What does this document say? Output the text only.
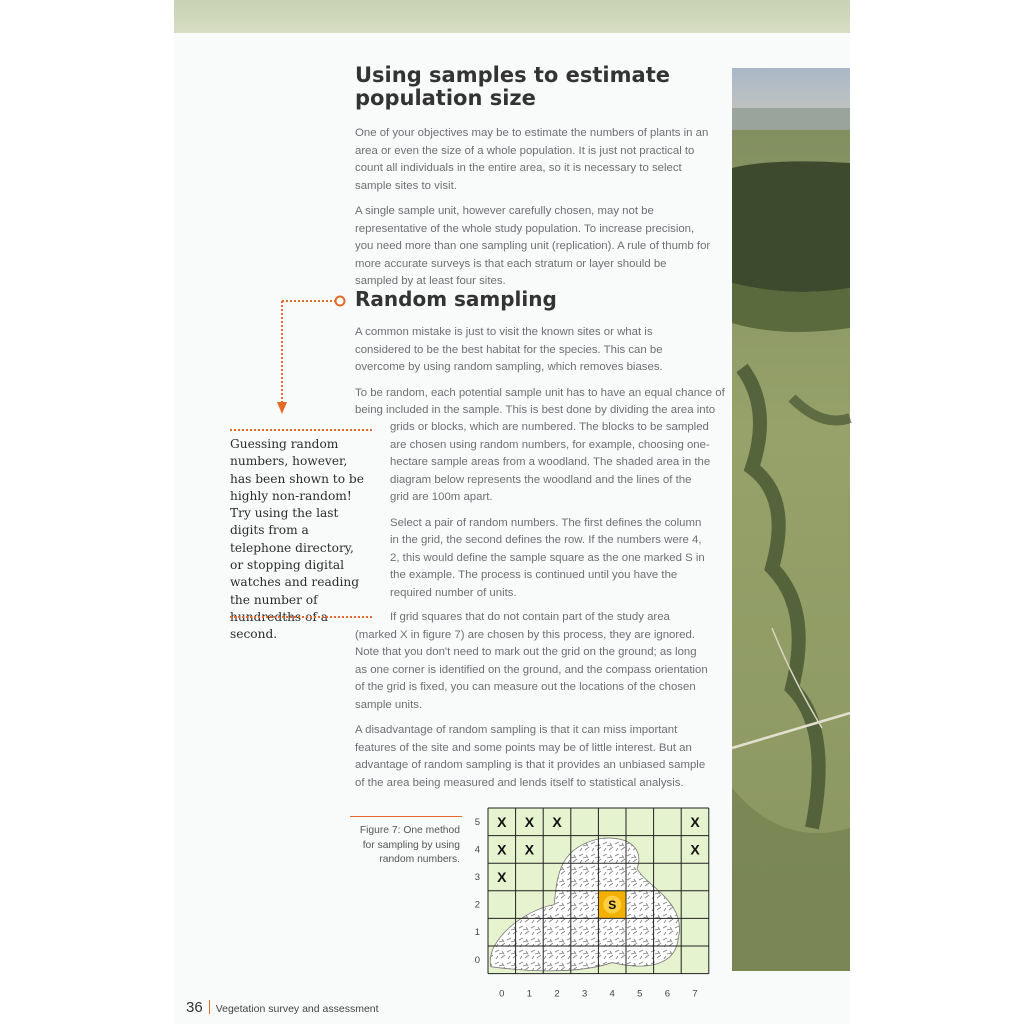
Using samples to estimate population size

One of your objectives may be to estimate the numbers of plants in an area or even the size of a whole population. It is just not practical to count all individuals in the entire area, so it is necessary to select sample sites to visit.

A single sample unit, however carefully chosen, may not be representative of the whole study population. To increase precision, you need more than one sampling unit (replication). A rule of thumb for more accurate surveys is that each stratum or layer should be sampled by at least four sites.

Random sampling

A common mistake is just to visit the known sites or what is considered to be the best habitat for the species. This can be overcome by using random sampling, which removes biases.

To be random, each potential sample unit has to have an equal chance of

being included in the sample. This is best done by dividing the area into

Guessing random numbers, however, has been shown to be highly non-random! Try using the last digits from a telephone directory, or stopping digital watches and reading the number of hundredths of a second.

grids or blocks, which are numbered. The blocks to be sampled are chosen using random numbers, for example, choosing one-hectare sample areas from a woodland. The shaded area in the diagram below represents the woodland and the lines of the grid are 100m apart.

Select a pair of random numbers. The first defines the column in the grid, the second defines the row. If the numbers were 4, 2, this would define the sample square as the one marked S in the example. The process is continued until you have the required number of units.

If grid squares that do not contain part of the study area (marked X in figure 7) are chosen by this process, they are ignored. Note that you don't need to mark out the grid on the ground; as long as one corner is identified on the ground, and the compass orientation of the grid is fixed, you can measure out the locations of the chosen sample units.

A disadvantage of random sampling is that it can miss important features of the site and some points may be of little interest. But an advantage of random sampling is that it provides an unbiased sample of the area being measured and lends itself to statistical analysis.

Figure 7: One method for sampling by using random numbers.
S
X X X	X
X X	X
X
0 1 2 3 4 5 6 7
0
1
2
3
4
5
36 Vegetation survey and assessment
